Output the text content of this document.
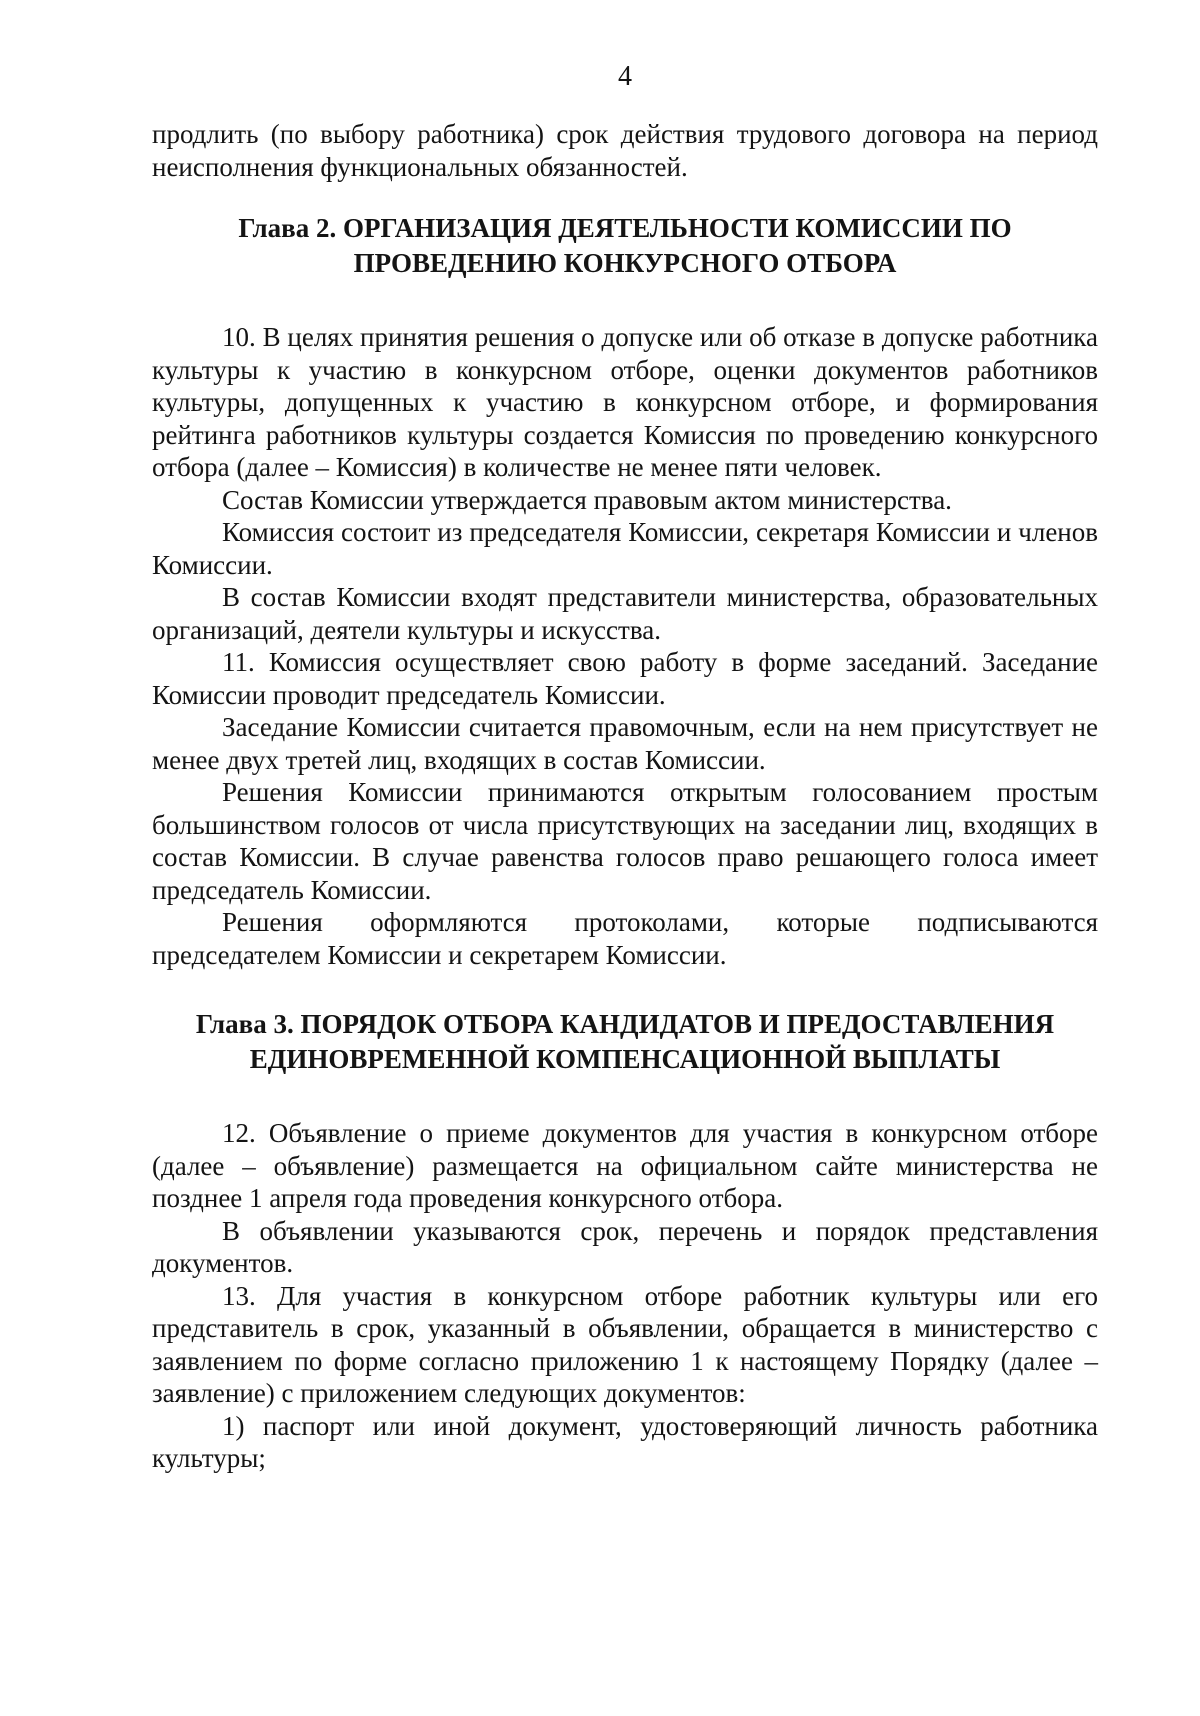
4

продлить (по выбору работника) срок действия трудового договора на период неисполнения функциональных обязанностей.

Глава 2. ОРГАНИЗАЦИЯ ДЕЯТЕЛЬНОСТИ КОМИССИИ ПО
ПРОВЕДЕНИЮ КОНКУРСНОГО ОТБОРА

10. В целях принятия решения о допуске или об отказе в допуске работника культуры к участию в конкурсном отборе, оценки документов работников культуры, допущенных к участию в конкурсном отборе, и формирования рейтинга работников культуры создается Комиссия по проведению конкурсного отбора (далее – Комиссия) в количестве не менее пяти человек.

Состав Комиссии утверждается правовым актом министерства.

Комиссия состоит из председателя Комиссии, секретаря Комиссии и членов Комиссии.

В состав Комиссии входят представители министерства, образовательных организаций, деятели культуры и искусства.

11. Комиссия осуществляет свою работу в форме заседаний. Заседание Комиссии проводит председатель Комиссии.

Заседание Комиссии считается правомочным, если на нем присутствует не менее двух третей лиц, входящих в состав Комиссии.

Решения Комиссии принимаются открытым голосованием простым большинством голосов от числа присутствующих на заседании лиц, входящих в состав Комиссии. В случае равенства голосов право решающего голоса имеет председатель Комиссии.

Решения оформляются протоколами, которые подписываются председателем Комиссии и секретарем Комиссии.

Глава 3. ПОРЯДОК ОТБОРА КАНДИДАТОВ И ПРЕДОСТАВЛЕНИЯ
ЕДИНОВРЕМЕННОЙ КОМПЕНСАЦИОННОЙ ВЫПЛАТЫ

12. Объявление о приеме документов для участия в конкурсном отборе (далее – объявление) размещается на официальном сайте министерства не позднее 1 апреля года проведения конкурсного отбора.

В объявлении указываются срок, перечень и порядок представления документов.

13. Для участия в конкурсном отборе работник культуры или его представитель в срок, указанный в объявлении, обращается в министерство с заявлением по форме согласно приложению 1 к настоящему Порядку (далее – заявление) с приложением следующих документов:

1) паспорт или иной документ, удостоверяющий личность работника культуры;
